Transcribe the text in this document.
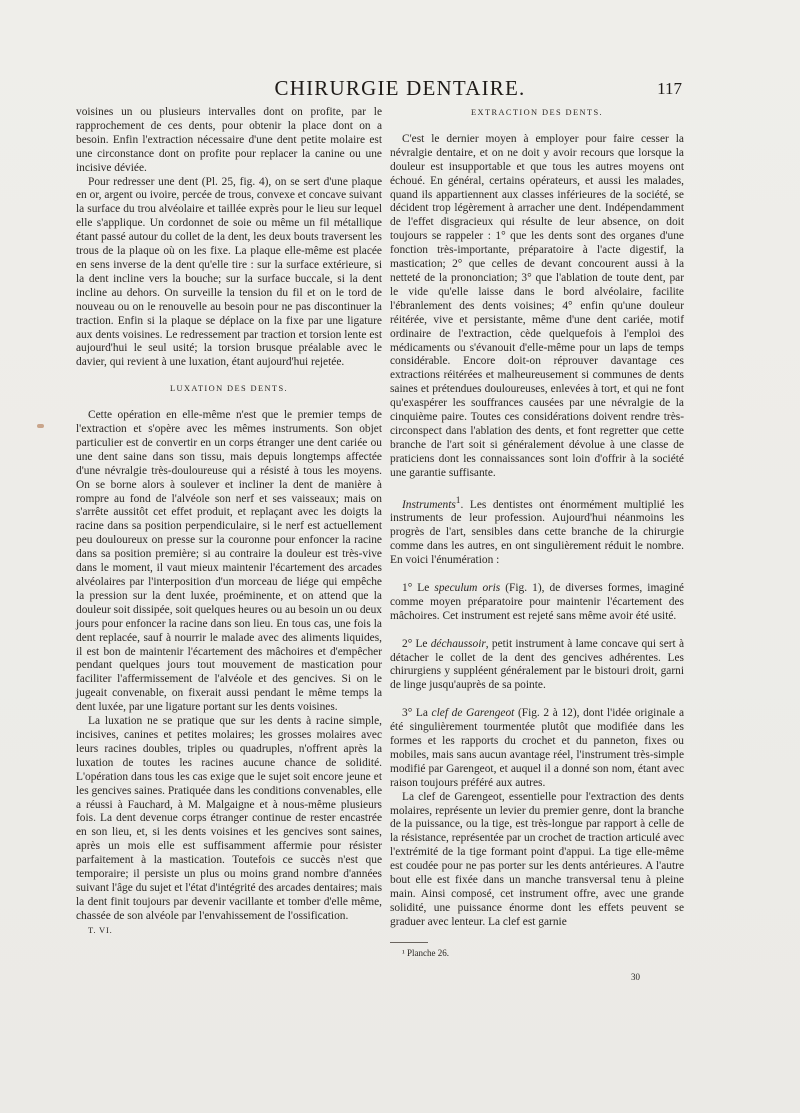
CHIRURGIE DENTAIRE.	117

voisines un ou plusieurs intervalles dont on profite, par le rapprochement de ces dents, pour obtenir la place dont on a besoin. Enfin l'extraction nécessaire d'une dent petite molaire est une circonstance dont on profite pour replacer la canine ou une incisive déviée.

Pour redresser une dent (Pl. 25, fig. 4), on se sert d'une plaque en or, argent ou ivoire, percée de trous, convexe et concave suivant la surface du trou alvéolaire et taillée exprès pour le lieu sur lequel elle s'applique. Un cordonnet de soie ou même un fil métallique étant passé autour du collet de la dent, les deux bouts traversent les trous de la plaque où on les fixe. La plaque elle-même est placée en sens inverse de la dent qu'elle tire : sur la surface extérieure, si la dent incline vers la bouche; sur la surface buccale, si la dent incline au dehors. On surveille la tension du fil et on le tord de nouveau ou on le renouvelle au besoin pour ne pas discontinuer la traction. Enfin si la plaque se déplace on la fixe par une ligature aux dents voisines. Le redressement par traction et torsion lente est aujourd'hui le seul usité; la torsion brusque préalable avec le davier, qui revient à une luxation, étant aujourd'hui rejetée.

LUXATION DES DENTS.

Cette opération en elle-même n'est que le premier temps de l'extraction et s'opère avec les mêmes instruments. Son objet particulier est de convertir en un corps étranger une dent cariée ou une dent saine dans son tissu, mais depuis longtemps affectée d'une névralgie très-douloureuse qui a résisté à tous les moyens. On se borne alors à soulever et incliner la dent de manière à rompre au fond de l'alvéole son nerf et ses vaisseaux; mais on s'arrête aussitôt cet effet produit, et replaçant avec les doigts la racine dans sa position perpendiculaire, si le nerf est actuellement peu douloureux on presse sur la couronne pour enfoncer la racine dans sa position première; si au contraire la douleur est très-vive dans le moment, il vaut mieux maintenir l'écartement des arcades alvéolaires par l'interposition d'un morceau de liége qui empêche la pression sur la dent luxée, proéminente, et on attend que la douleur soit dissipée, soit quelques heures ou au besoin un ou deux jours pour enfoncer la racine dans son lieu. En tous cas, une fois la dent replacée, sauf à nourrir le malade avec des aliments liquides, il est bon de maintenir l'écartement des mâchoires et d'empêcher pendant quelques jours tout mouvement de mastication pour faciliter l'affermissement de l'alvéole et des gencives. Si on le jugeait convenable, on fixerait aussi pendant le même temps la dent luxée, par une ligature portant sur les dents voisines.

La luxation ne se pratique que sur les dents à racine simple, incisives, canines et petites molaires; les grosses molaires avec leurs racines doubles, triples ou quadruples, n'offrent après la luxation de toutes les racines aucune chance de solidité. L'opération dans tous les cas exige que le sujet soit encore jeune et les gencives saines. Pratiquée dans les conditions convenables, elle a réussi à Fauchard, à M. Malgaigne et à nous-même plusieurs fois. La dent devenue corps étranger continue de rester encastrée en son lieu, et, si les dents voisines et les gencives sont saines, après un mois elle est suffisamment affermie pour résister parfaitement à la mastication. Toutefois ce succès n'est que temporaire; il persiste un plus ou moins grand nombre d'années suivant l'âge du sujet et l'état d'intégrité des arcades dentaires; mais la dent finit toujours par devenir vacillante et tomber d'elle même, chassée de son alvéole par l'envahissement de l'ossification.

T. VI.

EXTRACTION DES DENTS.

C'est le dernier moyen à employer pour faire cesser la névralgie dentaire, et on ne doit y avoir recours que lorsque la douleur est insupportable et que tous les autres moyens ont échoué. En général, certains opérateurs, et aussi les malades, quand ils appartiennent aux classes inférieures de la société, se décident trop légèrement à arracher une dent. Indépendamment de l'effet disgracieux qui résulte de leur absence, on doit toujours se rappeler : 1° que les dents sont des organes d'une fonction très-importante, préparatoire à l'acte digestif, la mastication; 2° que celles de devant concourent aussi à la netteté de la prononciation; 3° que l'ablation de toute dent, par le vide qu'elle laisse dans le bord alvéolaire, facilite l'ébranlement des dents voisines; 4° enfin qu'une douleur réitérée, vive et persistante, même d'une dent cariée, motif ordinaire de l'extraction, cède quelquefois à l'emploi des médicaments ou s'évanouit d'elle-même pour un laps de temps considérable. Encore doit-on réprouver davantage ces extractions réitérées et malheureusement si communes de dents saines et prétendues douloureuses, enlevées à tort, et qui ne font qu'exaspérer les souffrances causées par une névralgie de la cinquième paire. Toutes ces considérations doivent rendre très-circonspect dans l'ablation des dents, et font regretter que cette branche de l'art soit si généralement dévolue à une classe de praticiens dont les connaissances sont loin d'offrir à la société une garantie suffisante.

Instruments$^1$. Les dentistes ont énormément multiplié les instruments de leur profession. Aujourd'hui néanmoins les progrès de l'art, sensibles dans cette branche de la chirurgie comme dans les autres, en ont singulièrement réduit le nombre. En voici l'énumération :

1° Le speculum oris (Fig. 1), de diverses formes, imaginé comme moyen préparatoire pour maintenir l'écartement des mâchoires. Cet instrument est rejeté sans même avoir été usité.

2° Le déchaussoir, petit instrument à lame concave qui sert à détacher le collet de la dent des gencives adhérentes. Les chirurgiens y suppléent généralement par le bistouri droit, garni de linge jusqu'auprès de sa pointe.

3° La clef de Garengeot (Fig. 2 à 12), dont l'idée originale a été singulièrement tourmentée plutôt que modifiée dans les formes et les rapports du crochet et du panneton, fixes ou mobiles, mais sans aucun avantage réel, l'instrument très-simple modifié par Garengeot, et auquel il a donné son nom, étant avec raison toujours préféré aux autres.

La clef de Garengeot, essentielle pour l'extraction des dents molaires, représente un levier du premier genre, dont la branche de la puissance, ou la tige, est très-longue par rapport à celle de la résistance, représentée par un crochet de traction articulé avec l'extrémité de la tige formant point d'appui. La tige elle-même est coudée pour ne pas porter sur les dents antérieures. A l'autre bout elle est fixée dans un manche transversal tenu à pleine main. Ainsi composé, cet instrument offre, avec une grande solidité, une puissance énorme dont les effets peuvent se graduer avec lenteur. La clef est garnie

¹ Planche 26.

30
